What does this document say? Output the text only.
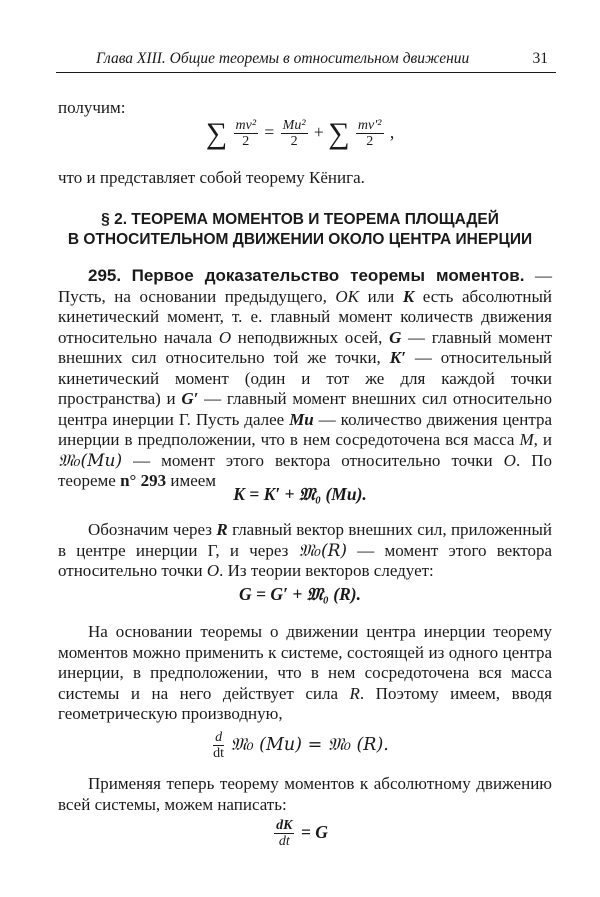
Глава XIII. Общие теоремы в относительном движении	31
получим:
∑ $\frac{\text{mv²}}{2} = \frac{\text{Mu²}}{2}$ + ∑ $\frac{\text{mv′²}}{2}$ ,
что и представляет собой теорему Кёнига.
§ 2. ТЕОРЕМА МОМЕНТОВ И ТЕОРЕМА ПЛОЩАДЕЙ
В ОТНОСИТЕЛЬНОМ ДВИЖЕНИИ ОКОЛО ЦЕНТРА ИНЕРЦИИ
295. Первое доказательство теоремы моментов. — Пусть, на основании предыдущего, OK или K есть абсолютный кинетический момент, т. е. главный момент количеств движения относительно начала O неподвижных осей, G — главный момент внешних сил относительно той же точки, K′ — относительный кинетический момент (один и тот же для каждой точки пространства) и G′ — главный момент внешних сил относительно центра инерции Γ. Пусть далее Mu — количество движения центра инерции в предположении, что в нем сосредоточена вся масса M, и 𝔐₀(Mu) — момент этого вектора относительно точки O. По теореме n° 293 имеем
K = K′ + 𝔐₀ (Mu).
Обозначим через R главный вектор внешних сил, приложенный в центре инерции Γ, и через 𝔐₀(R) — момент этого вектора относительно точки O. Из теории векторов следует:
G = G′ + 𝔐₀ (R).
На основании теоремы о движении центра инерции теорему моментов можно применить к системе, состоящей из одного центра инерции, в предположении, что в нем сосредоточена вся масса системы и на него действует сила R. Поэтому имеем, вводя геометрическую производную,
$\frac{d}{dt}$ 𝔐₀ (Mu) = 𝔐₀ (R).
Применяя теперь теорему моментов к абсолютному движению всей системы, можем написать:
$\frac{dK}{dt} = G$
